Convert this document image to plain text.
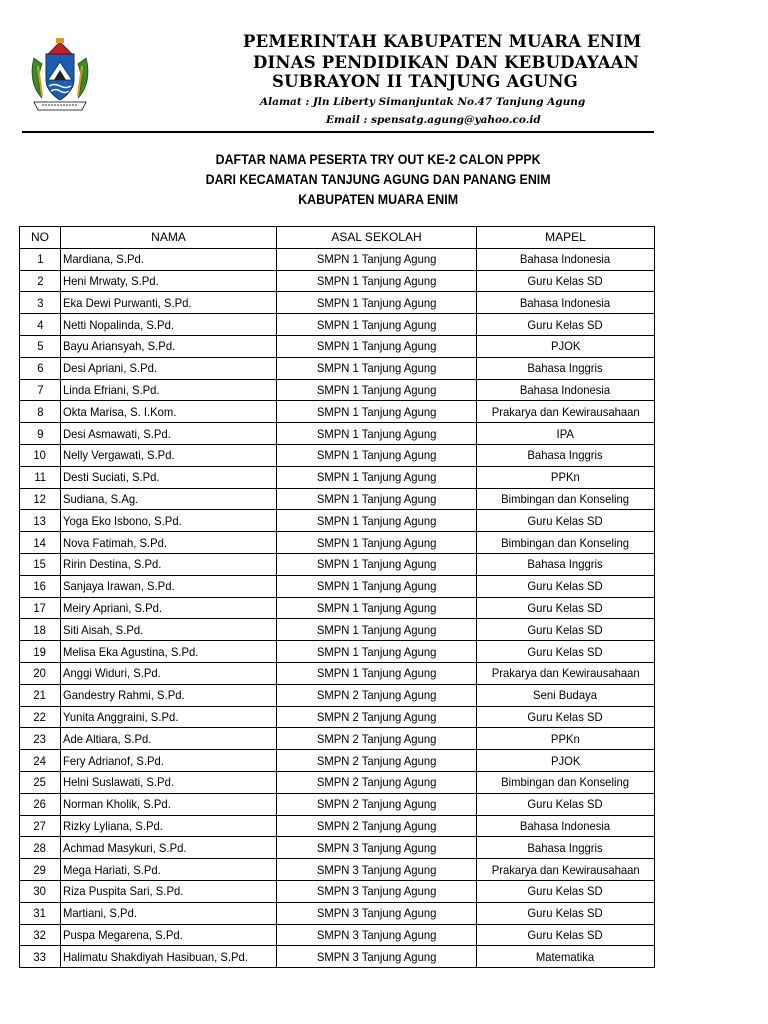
PEMERINTAH KABUPATEN MUARA ENIM
DINAS PENDIDIKAN DAN KEBUDAYAAN
SUBRAYON II TANJUNG AGUNG
Alamat : Jln Liberty Simanjuntak No.47 Tanjung Agung
Email : spensatg.agung@yahoo.co.id
DAFTAR NAMA PESERTA TRY OUT KE-2 CALON PPPK
DARI KECAMATAN TANJUNG AGUNG DAN PANANG ENIM
KABUPATEN MUARA ENIM
NO	NAMA	ASAL SEKOLAH	MAPEL
1	Mardiana, S.Pd.	SMPN 1 Tanjung Agung	Bahasa Indonesia
2	Heni Mrwaty, S.Pd.	SMPN 1 Tanjung Agung	Guru Kelas SD
3	Eka Dewi Purwanti, S.Pd.	SMPN 1 Tanjung Agung	Bahasa Indonesia
4	Netti Nopalinda, S.Pd.	SMPN 1 Tanjung Agung	Guru Kelas SD
5	Bayu Ariansyah, S.Pd.	SMPN 1 Tanjung Agung	PJOK
6	Desi Apriani, S.Pd.	SMPN 1 Tanjung Agung	Bahasa Inggris
7	Linda Efriani, S.Pd.	SMPN 1 Tanjung Agung	Bahasa Indonesia
8	Okta Marisa, S. I.Kom.	SMPN 1 Tanjung Agung	Prakarya dan Kewirausahaan
9	Desi Asmawati, S.Pd.	SMPN 1 Tanjung Agung	IPA
10	Nelly Vergawati, S.Pd.	SMPN 1 Tanjung Agung	Bahasa Inggris
11	Desti Suciati, S.Pd.	SMPN 1 Tanjung Agung	PPKn
12	Sudiana, S.Ag.	SMPN 1 Tanjung Agung	Bimbingan dan Konseling
13	Yoga Eko Isbono, S.Pd.	SMPN 1 Tanjung Agung	Guru Kelas SD
14	Nova Fatimah, S.Pd.	SMPN 1 Tanjung Agung	Bimbingan dan Konseling
15	Ririn Destina, S.Pd.	SMPN 1 Tanjung Agung	Bahasa Inggris
16	Sanjaya Irawan, S.Pd.	SMPN 1 Tanjung Agung	Guru Kelas SD
17	Meiry Apriani, S.Pd.	SMPN 1 Tanjung Agung	Guru Kelas SD
18	Siti Aisah, S.Pd.	SMPN 1 Tanjung Agung	Guru Kelas SD
19	Melisa Eka Agustina, S.Pd.	SMPN 1 Tanjung Agung	Guru Kelas SD
20	Anggi Widuri, S.Pd.	SMPN 1 Tanjung Agung	Prakarya dan Kewirausahaan
21	Gandestry Rahmi, S.Pd.	SMPN 2 Tanjung Agung	Seni Budaya
22	Yunita Anggraini, S.Pd.	SMPN 2 Tanjung Agung	Guru Kelas SD
23	Ade Altiara, S.Pd.	SMPN 2 Tanjung Agung	PPKn
24	Fery Adrianof, S.Pd.	SMPN 2 Tanjung Agung	PJOK
25	Helni Suslawati, S.Pd.	SMPN 2 Tanjung Agung	Bimbingan dan Konseling
26	Norman Kholik, S.Pd.	SMPN 2 Tanjung Agung	Guru Kelas SD
27	Rizky Lyliana, S.Pd.	SMPN 2 Tanjung Agung	Bahasa Indonesia
28	Achmad Masykuri, S.Pd.	SMPN 3 Tanjung Agung	Bahasa Inggris
29	Mega Hariati, S.Pd.	SMPN 3 Tanjung Agung	Prakarya dan Kewirausahaan
30	Riza Puspita Sari, S.Pd.	SMPN 3 Tanjung Agung	Guru Kelas SD
31	Martiani, S.Pd.	SMPN 3 Tanjung Agung	Guru Kelas SD
32	Puspa Megarena, S.Pd.	SMPN 3 Tanjung Agung	Guru Kelas SD
33	Halimatu Shakdiyah Hasibuan, S.Pd.	SMPN 3 Tanjung Agung	Matematika
